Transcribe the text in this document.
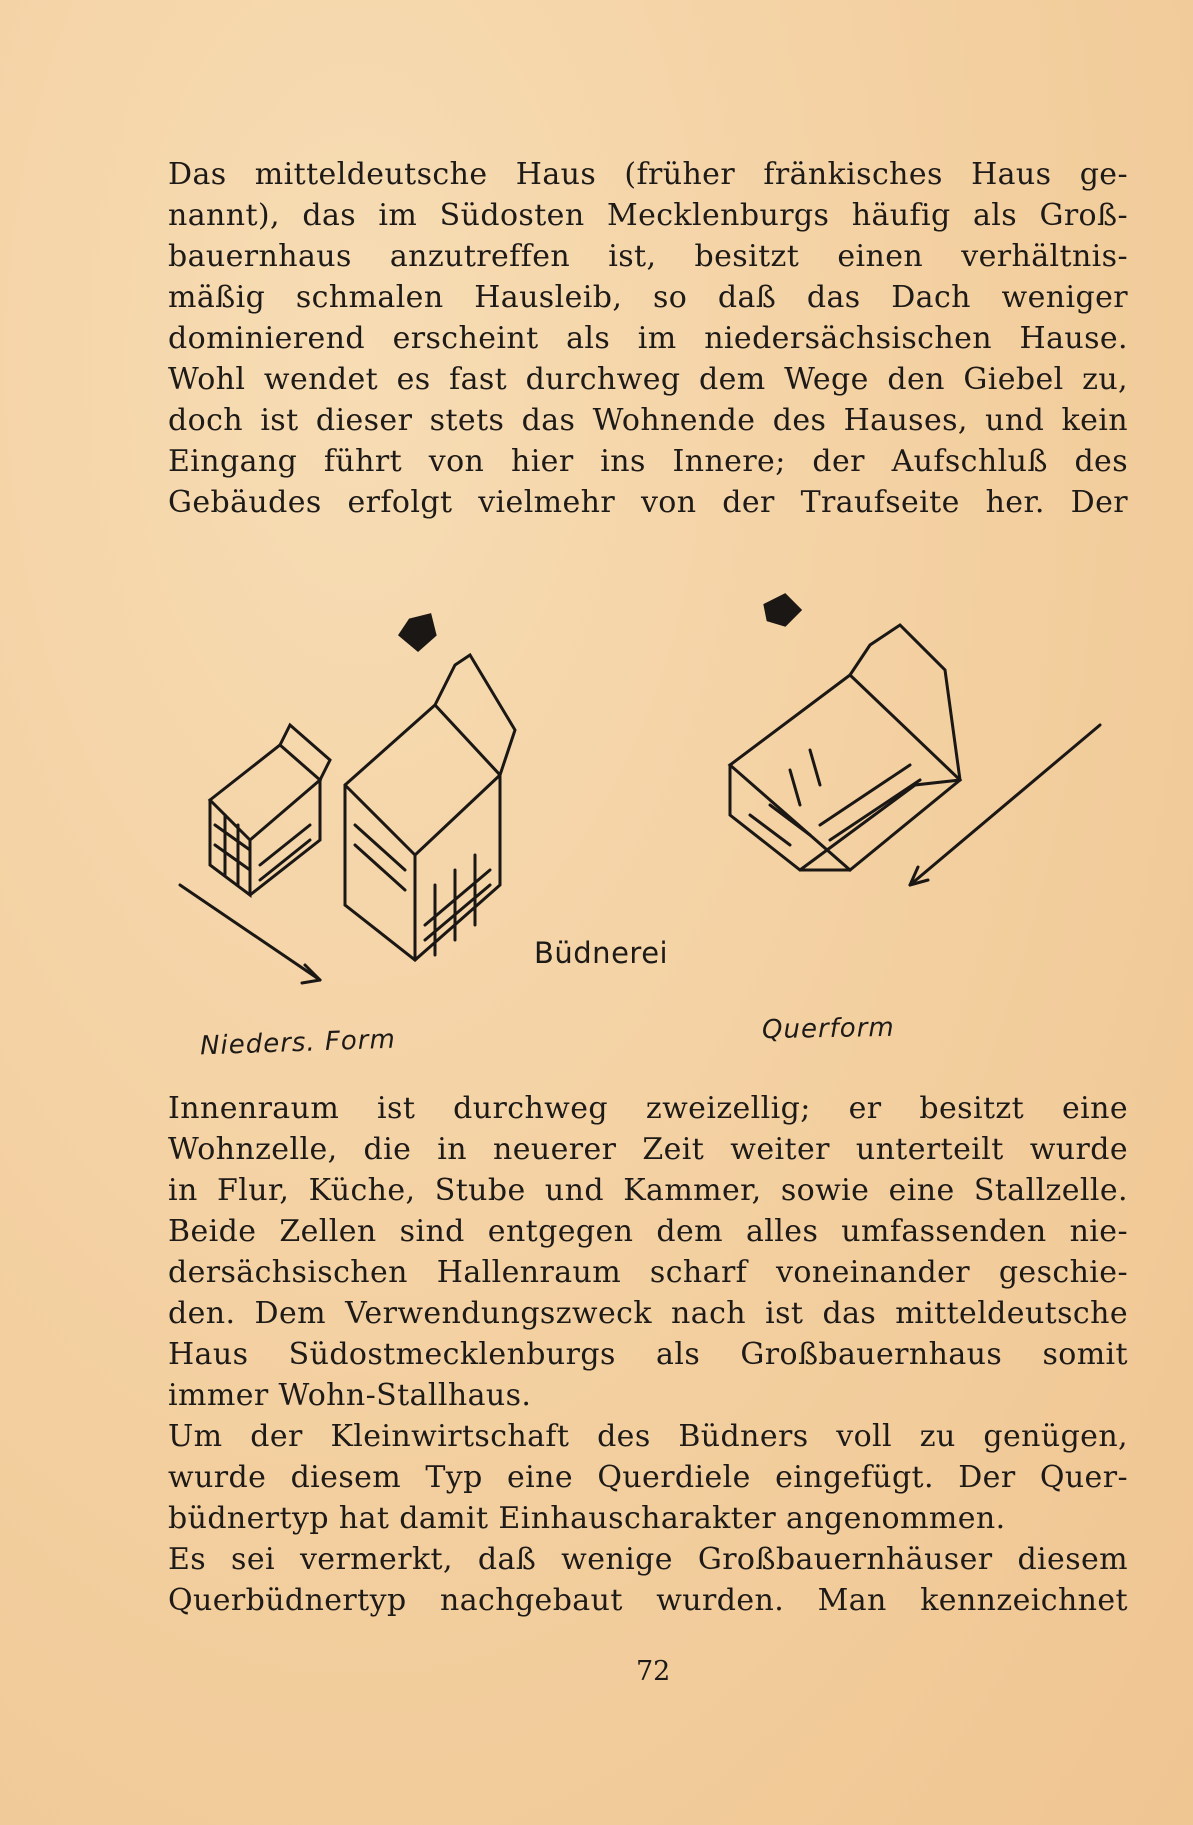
Das mitteldeutsche Haus (früher fränkisches Haus ge-
nannt), das im Südosten Mecklenburgs häufig als Groß-
bauernhaus anzutreffen ist, besitzt einen verhältnis-
mäßig schmalen Hausleib, so daß das Dach weniger
dominierend erscheint als im niedersächsischen Hause.
Wohl wendet es fast durchweg dem Wege den Giebel zu,
doch ist dieser stets das Wohnende des Hauses, und kein
Eingang führt von hier ins Innere; der Aufschluß des
Gebäudes erfolgt vielmehr von der Traufseite her. Der
Büdnerei
Nieders. Form	Querform
Innenraum ist durchweg zweizellig; er besitzt eine
Wohnzelle, die in neuerer Zeit weiter unterteilt wurde
in Flur, Küche, Stube und Kammer, sowie eine Stallzelle.
Beide Zellen sind entgegen dem alles umfassenden nie-
dersächsischen Hallenraum scharf voneinander geschie-
den. Dem Verwendungszweck nach ist das mitteldeutsche
Haus Südostmecklenburgs als Großbauernhaus somit
immer Wohn-Stallhaus.
Um der Kleinwirtschaft des Büdners voll zu genügen,
wurde diesem Typ eine Querdiele eingefügt. Der Quer-
büdnertyp hat damit Einhauscharakter angenommen.
Es sei vermerkt, daß wenige Großbauernhäuser diesem
Querbüdnertyp nachgebaut wurden. Man kennzeichnet
72
